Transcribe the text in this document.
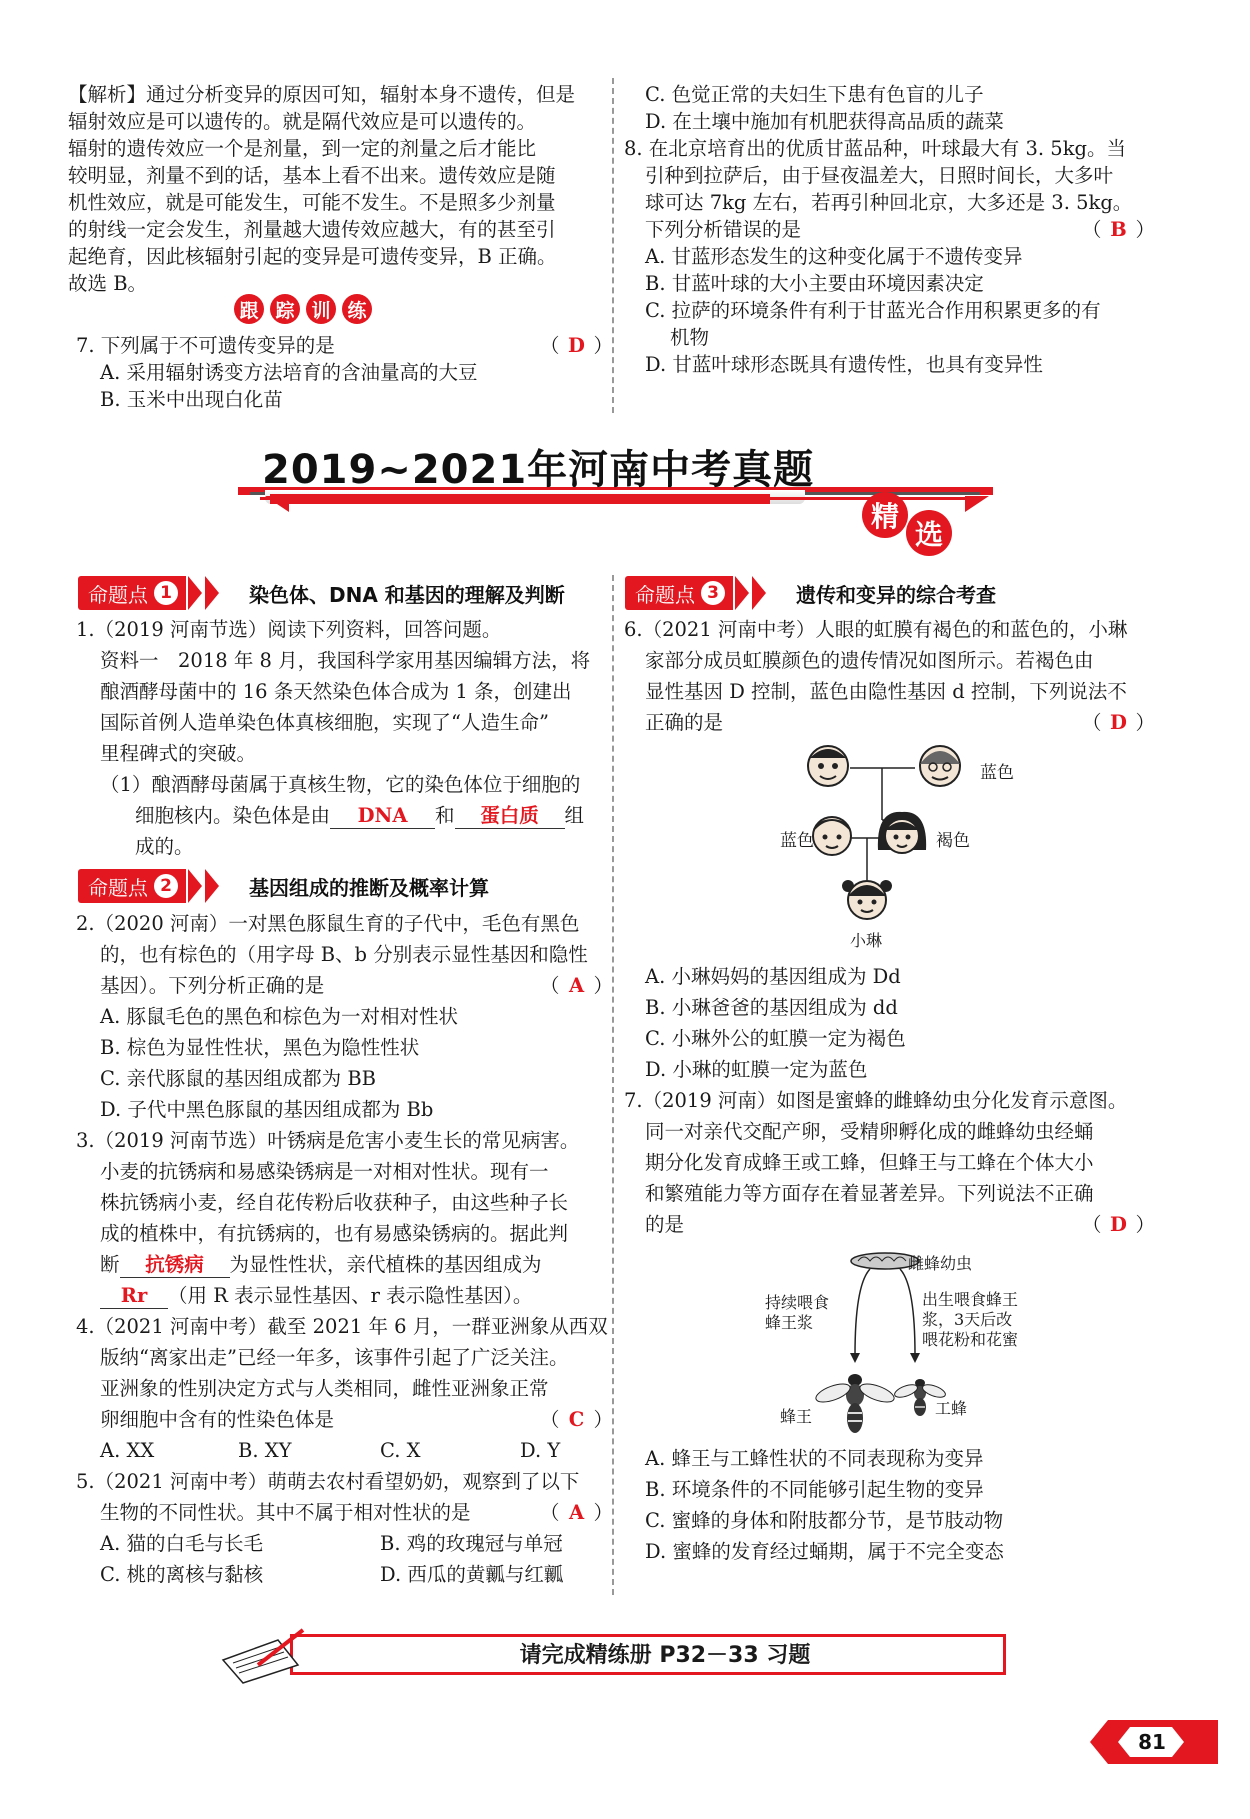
【解析】通过分析变异的原因可知，辐射本身不遗传，但是
辐射效应是可以遗传的。就是隔代效应是可以遗传的。
辐射的遗传效应一个是剂量，到一定的剂量之后才能比
较明显，剂量不到的话，基本上看不出来。遗传效应是随
机性效应，就是可能发生，可能不发生。不是照多少剂量
的射线一定会发生，剂量越大遗传效应越大，有的甚至引
起绝育，因此核辐射引起的变异是可遗传变异，B 正确。
故选 B。
跟 踪 训 练
7. 下列属于不可遗传变异的是	（ D ）
A. 采用辐射诱变方法培育的含油量高的大豆
B. 玉米中出现白化苗
C. 色觉正常的夫妇生下患有色盲的儿子
D. 在土壤中施加有机肥获得高品质的蔬菜
8. 在北京培育出的优质甘蓝品种，叶球最大有 3. 5kg。当
引种到拉萨后，由于昼夜温差大，日照时间长，大多叶
球可达 7kg 左右，若再引种回北京，大多还是 3. 5kg。
下列分析错误的是	（ B ）
A. 甘蓝形态发生的这种变化属于不遗传变异
B. 甘蓝叶球的大小主要由环境因素决定
C. 拉萨的环境条件有利于甘蓝光合作用积累更多的有
机物
D. 甘蓝叶球形态既具有遗传性，也具有变异性
2019~2021年河南中考真题
精
选
命题点 1	染色体、DNA 和基因的理解及判断
命题点 2	基因组成的推断及概率计算
命题点 3	遗传和变异的综合考查
1.（2019 河南节选）阅读下列资料，回答问题。
资料一　2018 年 8 月，我国科学家用基因编辑方法，将
酿酒酵母菌中的 16 条天然染色体合成为 1 条，创建出
国际首例人造单染色体真核细胞，实现了“人造生命”
里程碑式的突破。
（1）酿酒酵母菌属于真核生物，它的染色体位于细胞的
细胞核内。染色体是由 DNA 和 蛋白质 组
成的。
2.（2020 河南）一对黑色豚鼠生育的子代中，毛色有黑色
的，也有棕色的（用字母 B、b 分别表示显性基因和隐性
基因）。下列分析正确的是	（ A ）
A. 豚鼠毛色的黑色和棕色为一对相对性状
B. 棕色为显性性状，黑色为隐性性状
C. 亲代豚鼠的基因组成都为 BB
D. 子代中黑色豚鼠的基因组成都为 Bb
3.（2019 河南节选）叶锈病是危害小麦生长的常见病害。
小麦的抗锈病和易感染锈病是一对相对性状。现有一
株抗锈病小麦，经自花传粉后收获种子，由这些种子长
成的植株中，有抗锈病的，也有易感染锈病的。据此判
断 抗锈病 为显性性状，亲代植株的基因组成为
Rr （用 R 表示显性基因、r 表示隐性基因）。
4.（2021 河南中考）截至 2021 年 6 月，一群亚洲象从西双
版纳“离家出走”已经一年多，该事件引起了广泛关注。
亚洲象的性别决定方式与人类相同，雌性亚洲象正常
卵细胞中含有的性染色体是	（ C ）
A. XX	B. XY	C. X	D. Y
5.（2021 河南中考）萌萌去农村看望奶奶，观察到了以下
生物的不同性状。其中不属于相对性状的是	（ A ）
A. 猫的白毛与长毛	B. 鸡的玫瑰冠与单冠
C. 桃的离核与黏核	D. 西瓜的黄瓤与红瓤
6.（2021 河南中考）人眼的虹膜有褐色的和蓝色的，小琳
家部分成员虹膜颜色的遗传情况如图所示。若褐色由
显性基因 D 控制，蓝色由隐性基因 d 控制，下列说法不
正确的是	（ D ）
蓝色
蓝色	褐色
小琳
A. 小琳妈妈的基因组成为 Dd
B. 小琳爸爸的基因组成为 dd
C. 小琳外公的虹膜一定为褐色
D. 小琳的虹膜一定为蓝色
7.（2019 河南）如图是蜜蜂的雌蜂幼虫分化发育示意图。
同一对亲代交配产卵，受精卵孵化成的雌蜂幼虫经蛹
期分化发育成蜂王或工蜂，但蜂王与工蜂在个体大小
和繁殖能力等方面存在着显著差异。下列说法不正确
的是	（ D ）
雌蜂幼虫
持续喂食
蜂王浆
出生喂食蜂王
浆，3天后改
喂花粉和花蜜
蜂王	工蜂
A. 蜂王与工蜂性状的不同表现称为变异
B. 环境条件的不同能够引起生物的变异
C. 蜜蜂的身体和附肢都分节，是节肢动物
D. 蜜蜂的发育经过蛹期，属于不完全变态
请完成精练册 P32－33 习题
81
